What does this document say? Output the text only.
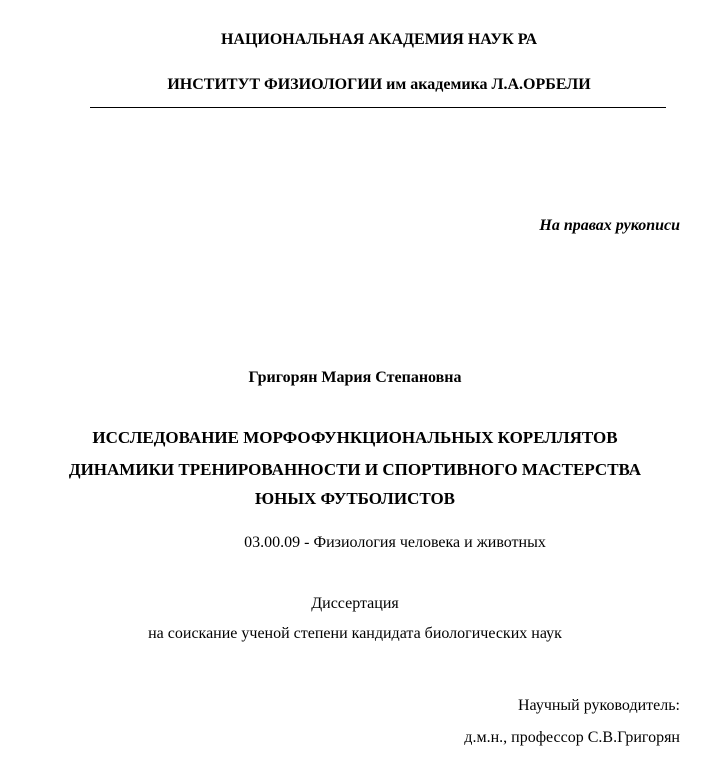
НАЦИОНАЛЬНАЯ АКАДЕМИЯ НАУК РА
ИНСТИТУТ ФИЗИОЛОГИИ им академика Л.А.ОРБЕЛИ
На правах рукописи
Григорян Мария Степановна
ИССЛЕДОВАНИЕ МОРФОФУНКЦИОНАЛЬНЫХ КОРЕЛЛЯТОВ
ДИНАМИКИ ТРЕНИРОВАННОСТИ И СПОРТИВНОГО МАСТЕРСТВА
ЮНЫХ ФУТБОЛИСТОВ
03.00.09 - Физиология человека и животных
Диссертация
на соискание ученой степени кандидата биологических наук
Научный руководитель:
д.м.н., профессор С.В.Григорян
